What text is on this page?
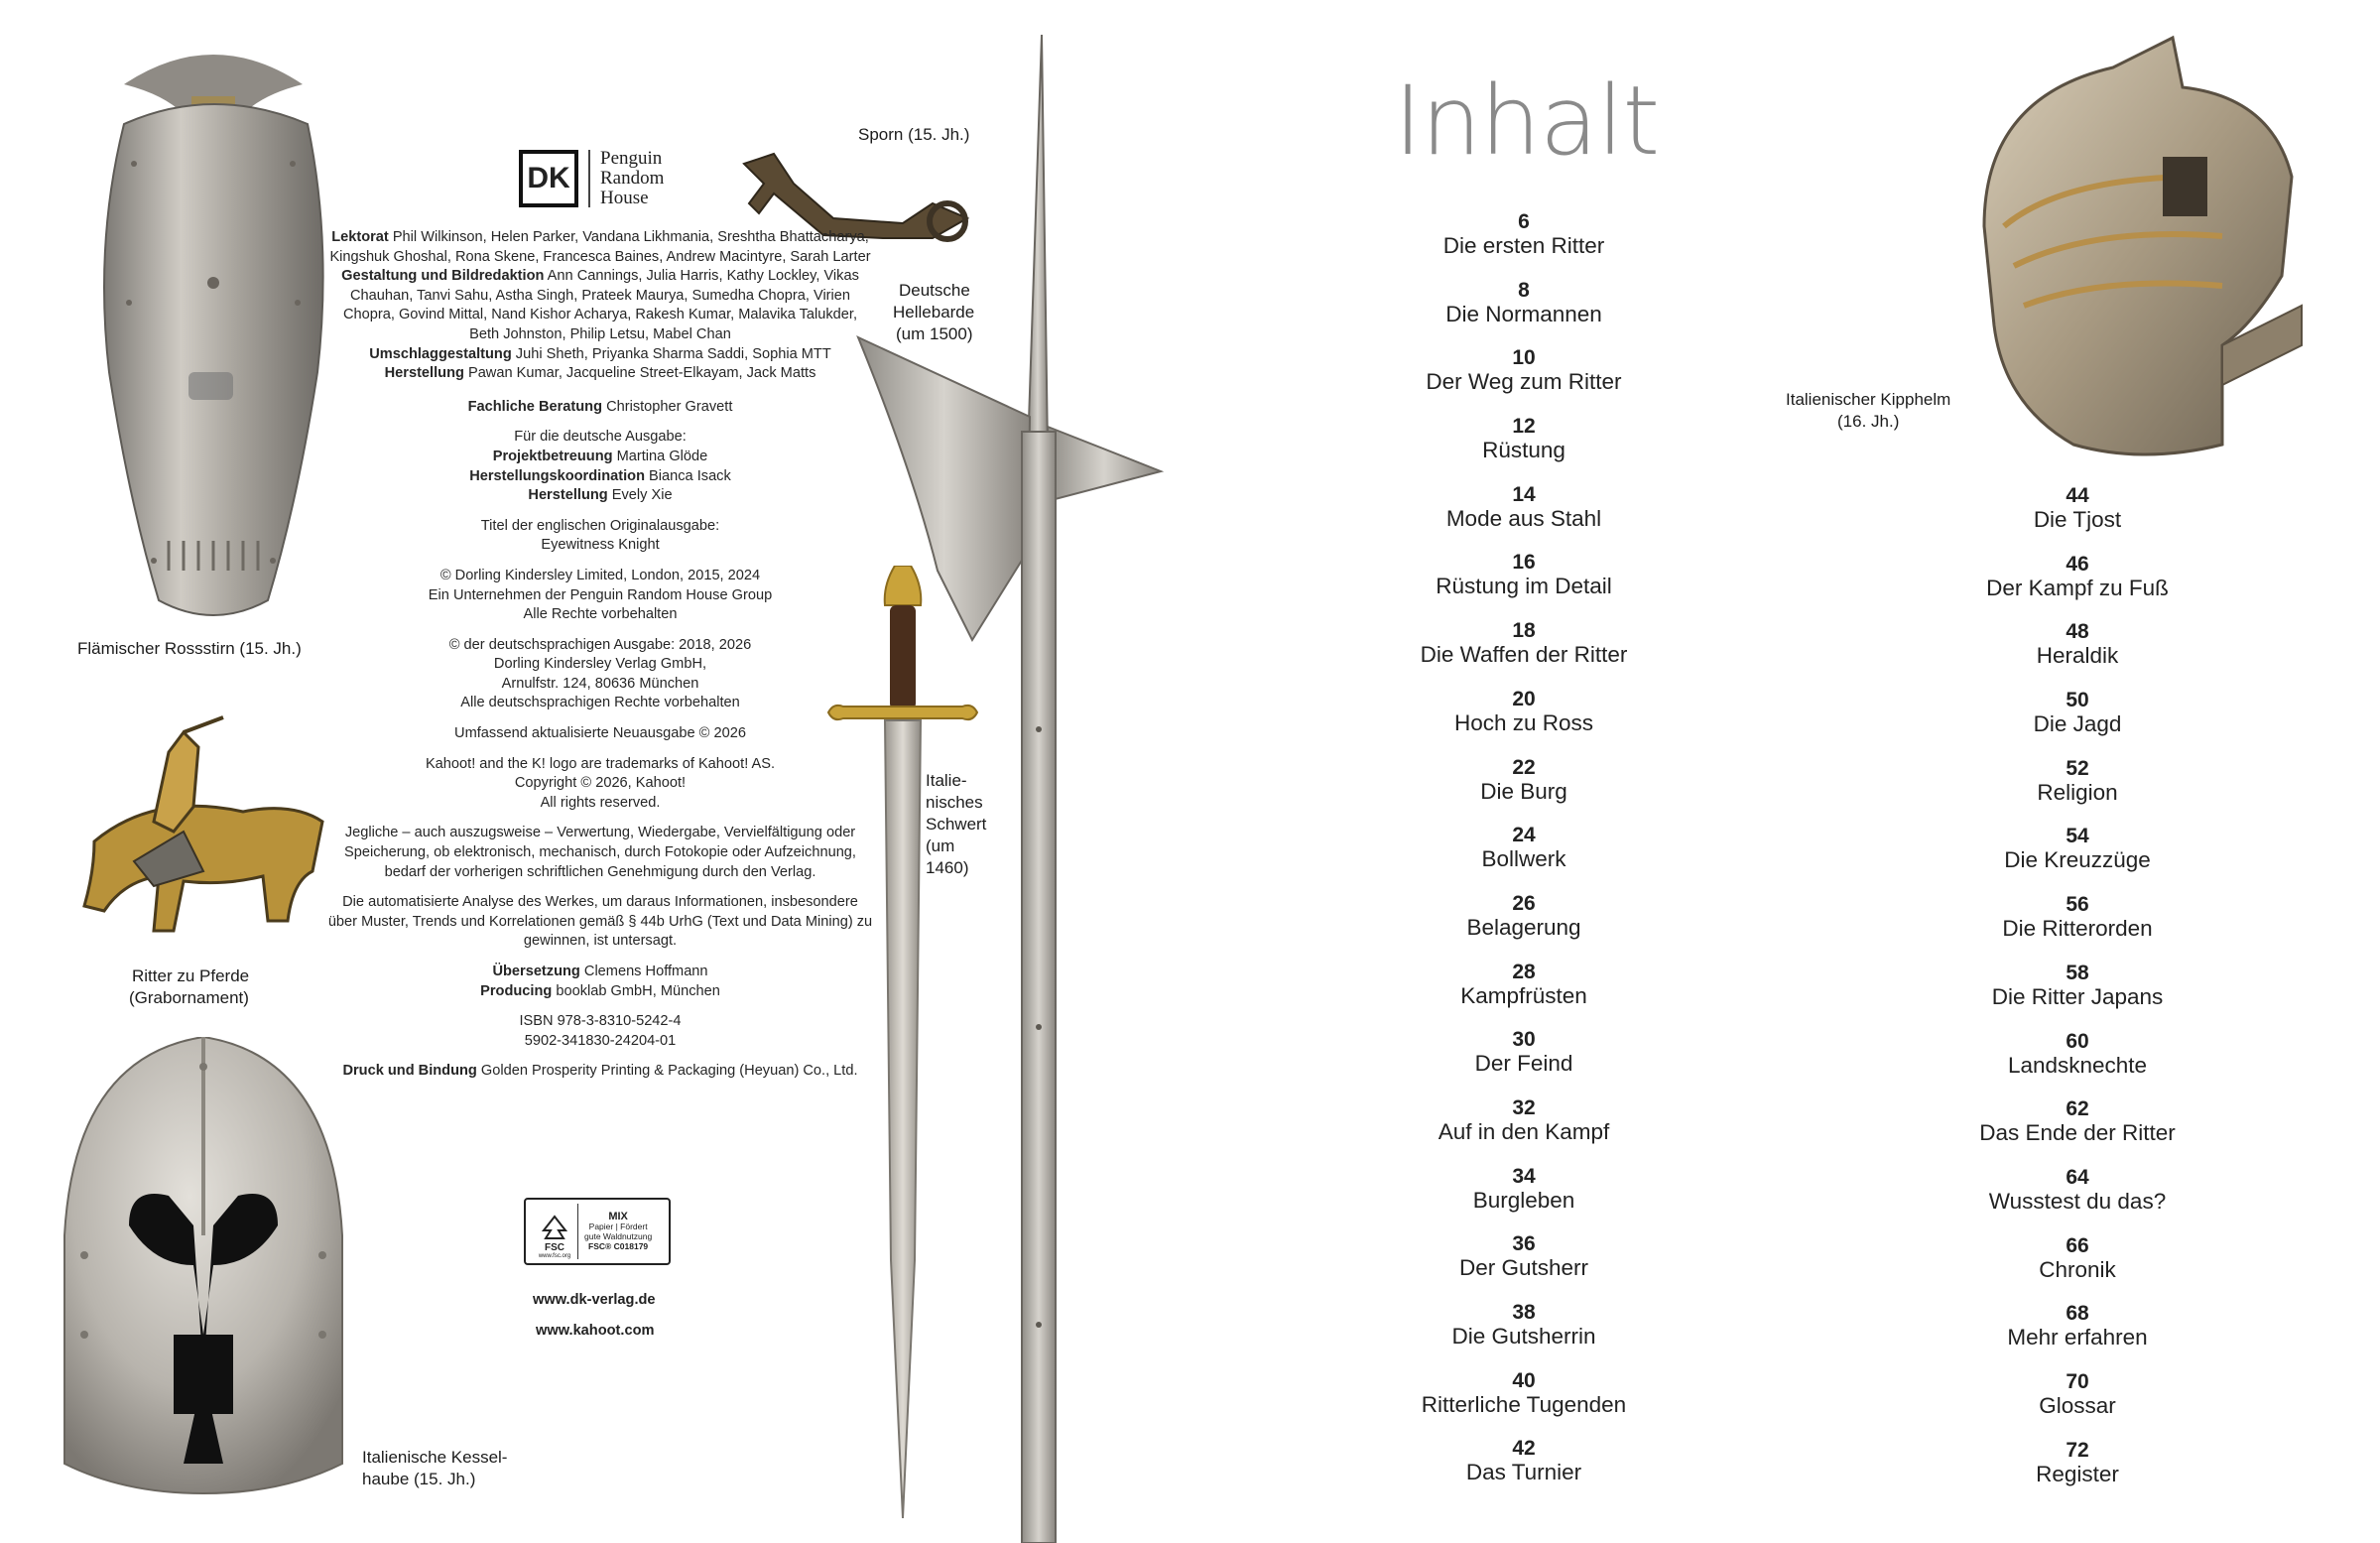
Flämischer Rossstirn (15. Jh.)
Ritter zu Pferde
(Grabornament)
Italienische Kessel-
haube (15. Jh.)
Sporn (15. Jh.)
Deutsche
Hellebarde
(um 1500)
Italie-
nisches
Schwert
(um
1460)
DK
Penguin
Random
House

Lektorat Phil Wilkinson, Helen Parker, Vandana Likhmania, Sreshtha Bhattacharya, Kingshuk Ghoshal, Rona Skene, Francesca Baines, Andrew Macintyre, Sarah Larter
Gestaltung und Bildredaktion Ann Cannings, Julia Harris, Kathy Lockley, Vikas Chauhan, Tanvi Sahu, Astha Singh, Prateek Maurya, Sumedha Chopra, Virien Chopra, Govind Mittal, Nand Kishor Acharya, Rakesh Kumar, Malavika Talukder, Beth Johnston, Philip Letsu, Mabel Chan
Umschlaggestaltung Juhi Sheth, Priyanka Sharma Saddi, Sophia MTT
Herstellung Pawan Kumar, Jacqueline Street-Elkayam, Jack Matts

Fachliche Beratung Christopher Gravett

Für die deutsche Ausgabe:
Projektbetreuung Martina Glöde
Herstellungskoordination Bianca Isack
Herstellung Evely Xie

Titel der englischen Originalausgabe:
Eyewitness Knight

© Dorling Kindersley Limited, London, 2015, 2024
Ein Unternehmen der Penguin Random House Group
Alle Rechte vorbehalten

© der deutschsprachigen Ausgabe: 2018, 2026
Dorling Kindersley Verlag GmbH,
Arnulfstr. 124, 80636 München
Alle deutschsprachigen Rechte vorbehalten

Umfassend aktualisierte Neuausgabe © 2026

Kahoot! and the K! logo are trademarks of Kahoot! AS.
Copyright © 2026, Kahoot!
All rights reserved.

Jegliche – auch auszugsweise – Verwertung, Wiedergabe, Vervielfältigung oder Speicherung, ob elektronisch, mechanisch, durch Fotokopie oder Aufzeichnung, bedarf der vorherigen schriftlichen Genehmigung durch den Verlag.

Die automatisierte Analyse des Werkes, um daraus Informationen, insbesondere über Muster, Trends und Korrelationen gemäß § 44b UrhG (Text und Data Mining) zu gewinnen, ist untersagt.

Übersetzung Clemens Hoffmann
Producing booklab GmbH, München

ISBN 978-3-8310-5242-4
5902-341830-24204-01

Druck und Bindung Golden Prosperity Printing & Packaging (Heyuan) Co., Ltd.

FSC
www.fsc.org
MIX
Papier | Fördert
gute Waldnutzung
FSC® C018179
www.dk-verlag.de
www.kahoot.com
Inhalt
Italienischer Kipphelm
(16. Jh.)
6
Die ersten Ritter
8
Die Normannen
10
Der Weg zum Ritter
12
Rüstung
14
Mode aus Stahl
16
Rüstung im Detail
18
Die Waffen der Ritter
20
Hoch zu Ross
22
Die Burg
24
Bollwerk
26
Belagerung
28
Kampfrüsten
30
Der Feind
32
Auf in den Kampf
34
Burgleben
36
Der Gutsherr
38
Die Gutsherrin
40
Ritterliche Tugenden
42
Das Turnier
44
Die Tjost
46
Der Kampf zu Fuß
48
Heraldik
50
Die Jagd
52
Religion
54
Die Kreuzzüge
56
Die Ritterorden
58
Die Ritter Japans
60
Landsknechte
62
Das Ende der Ritter
64
Wusstest du das?
66
Chronik
68
Mehr erfahren
70
Glossar
72
Register
